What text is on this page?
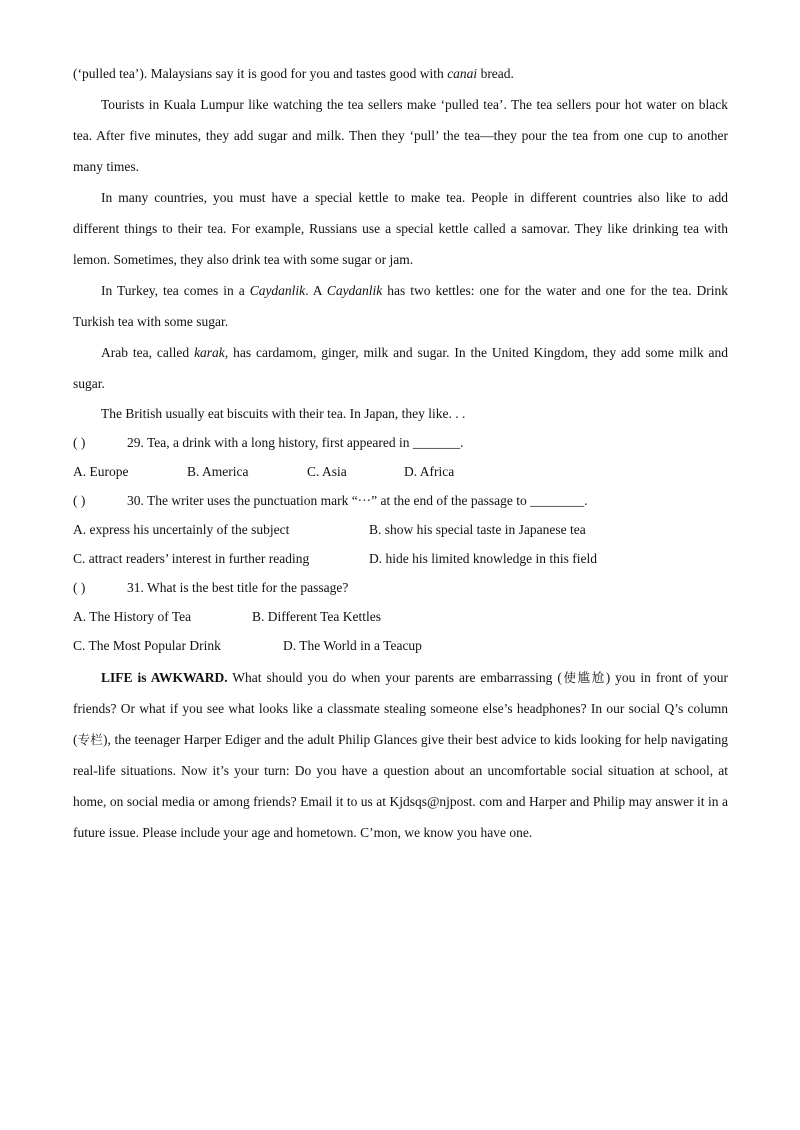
(‘pulled tea’). Malaysians say it is good for you and tastes good with canai bread.

Tourists in Kuala Lumpur like watching the tea sellers make ‘pulled tea’. The tea sellers pour hot water on black tea. After five minutes, they add sugar and milk. Then they ‘pull’ the tea—they pour the tea from one cup to another many times.

In many countries, you must have a special kettle to make tea. People in different countries also like to add different things to their tea. For example, Russians use a special kettle called a samovar. They like drinking tea with lemon. Sometimes, they also drink tea with some sugar or jam.

In Turkey, tea comes in a Caydanlik. A Caydanlik has two kettles: one for the water and one for the tea. Drink Turkish tea with some sugar.

Arab tea, called karak, has cardamom, ginger, milk and sugar. In the United Kingdom, they add some milk and sugar.

The British usually eat biscuits with their tea. In Japan, they like. . .

( )	29. Tea, a drink with a long history, first appeared in _______.

A. Europe	B. America	C. Asia	D. Africa

( )	30. The writer uses the punctuation mark “···” at the end of the passage to ________.

A. express his uncertainly of the subject	B. show his special taste in Japanese tea
C. attract readers’ interest in further reading	D. hide his limited knowledge in this field

( )	31. What is the best title for the passage?

A. The History of Tea	B. Different Tea Kettles
C. The Most Popular Drink	D. The World in a Teacup

LIFE is AWKWARD. What should you do when your parents are embarrassing (使尴尬) you in front of your friends? Or what if you see what looks like a classmate stealing someone else’s headphones? In our social Q’s column (专栏), the teenager Harper Ediger and the adult Philip Glances give their best advice to kids looking for help navigating real-life situations. Now it’s your turn: Do you have a question about an uncomfortable social situation at school, at home, on social media or among friends? Email it to us at Kjdsqs@njpost. com and Harper and Philip may answer it in a future issue. Please include your age and hometown. C’mon, we know you have one.
